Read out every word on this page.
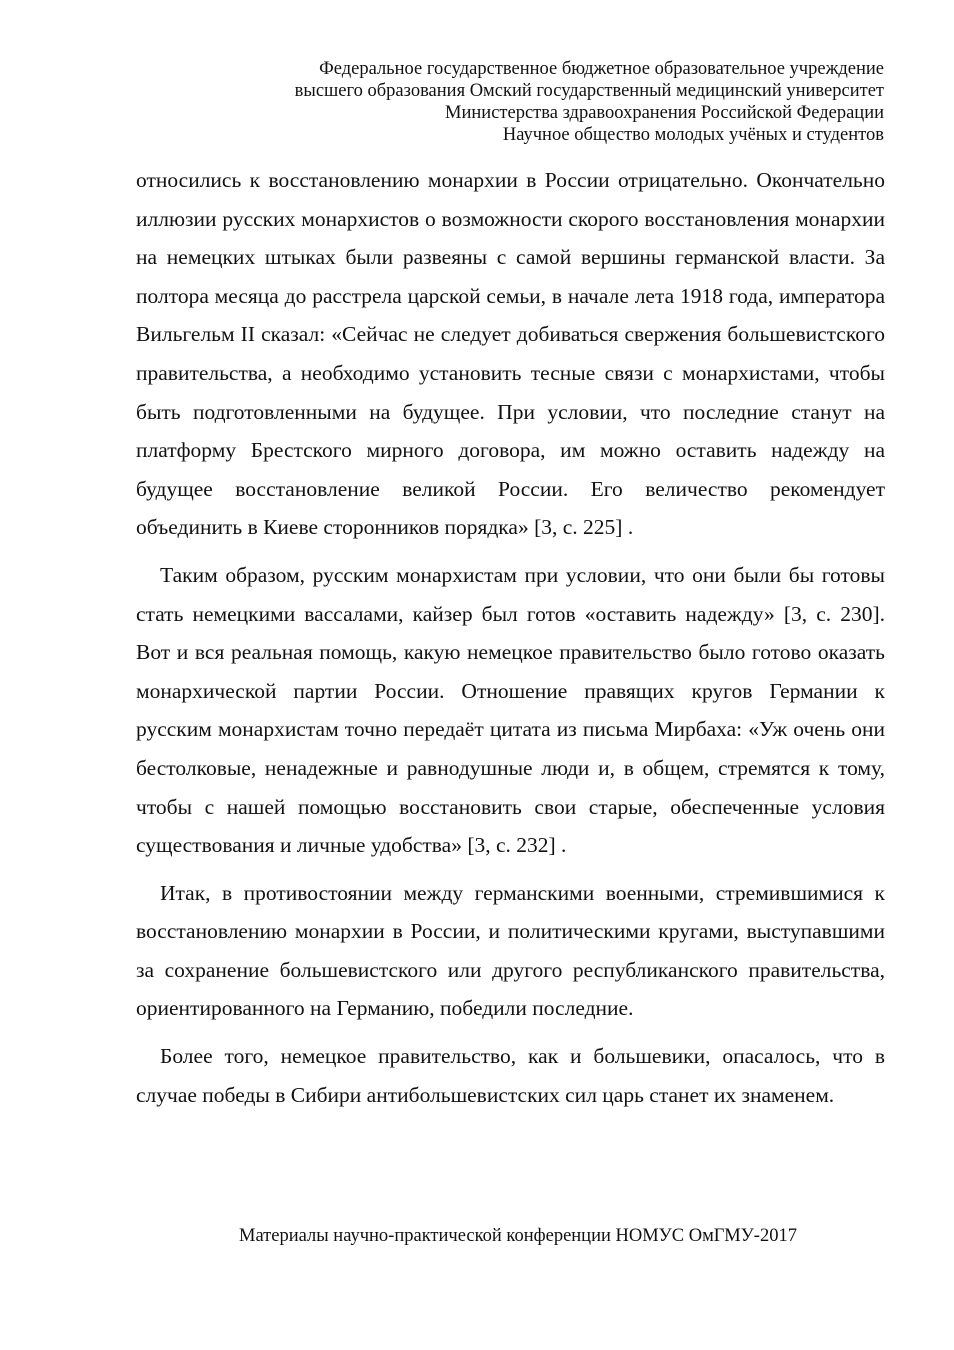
Федеральное государственное бюджетное образовательное учреждение
высшего образования Омский государственный медицинский университет
Министерства здравоохранения Российской Федерации
Научное общество молодых учёных и студентов

относились к восстановлению монархии в России отрицательно. Окончательно иллюзии русских монархистов о возможности скорого восстановления монархии на немецких штыках были развеяны с самой вершины германской власти. За полтора месяца до расстрела царской семьи, в начале лета 1918 года, императора Вильгельм II сказал: «Сейчас не следует добиваться свержения большевистского правительства, а необходимо установить тесные связи с монархистами, чтобы быть подготовленными на будущее. При условии, что последние станут на платформу Брестского мирного договора, им можно оставить надежду на будущее восстановление великой России. Его величество рекомендует объединить в Киеве сторонников порядка» [3, с. 225] .

Таким образом, русским монархистам при условии, что они были бы готовы стать немецкими вассалами, кайзер был готов «оставить надежду» [3, с. 230]. Вот и вся реальная помощь, какую немецкое правительство было готово оказать монархической партии России. Отношение правящих кругов Германии к русским монархистам точно передаёт цитата из письма Мирбаха: «Уж очень они бестолковые, ненадежные и равнодушные люди и, в общем, стремятся к тому, чтобы с нашей помощью восстановить свои старые, обеспеченные условия существования и личные удобства» [3, с. 232] .

Итак, в противостоянии между германскими военными, стремившимися к восстановлению монархии в России, и политическими кругами, выступавшими за сохранение большевистского или другого республиканского правительства, ориентированного на Германию, победили последние.

Более того, немецкое правительство, как и большевики, опасалось, что в случае победы в Сибири антибольшевистских сил царь станет их знаменем.

Материалы научно-практической конференции НОМУС ОмГМУ-2017
